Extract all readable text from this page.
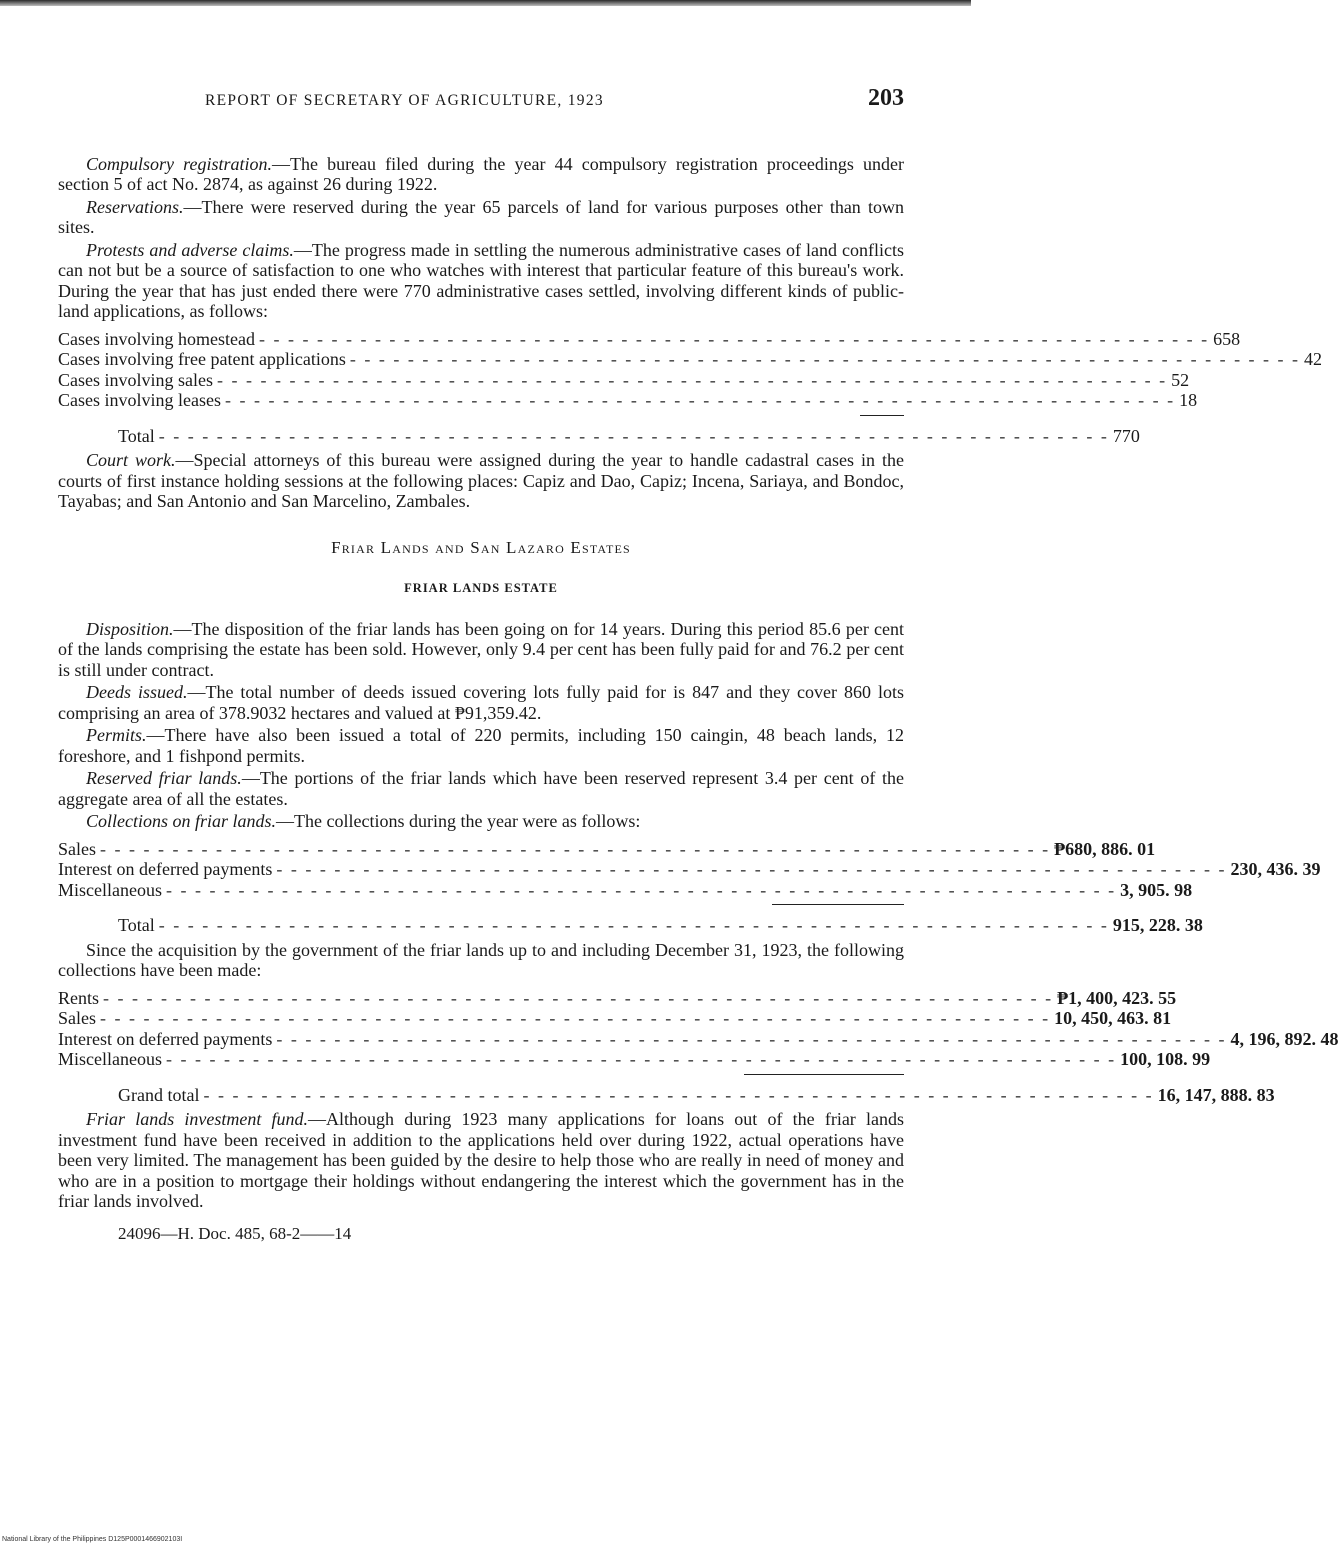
REPORT OF SECRETARY OF AGRICULTURE, 1923	203

Compulsory registration.—The bureau filed during the year 44 compulsory registration proceedings under section 5 of act No. 2874, as against 26 during 1922.

Reservations.—There were reserved during the year 65 parcels of land for various purposes other than town sites.

Protests and adverse claims.—The progress made in settling the numerous administrative cases of land conflicts can not but be a source of satisfaction to one who watches with interest that particular feature of this bureau's work. During the year that has just ended there were 770 administrative cases settled, involving different kinds of public-land applications, as follows:

Cases involving homestead - - - - - - - - - - - - - - - - - - - - - - - - - - - - - - - - - - - - - - - - - - - - - - - - - - - - - - - - - - - - - - - - - - 658
Cases involving free patent applications - - - - - - - - - - - - - - - - - - - - - - - - - - - - - - - - - - - - - - - - - - - - - - - - - - - - - - - - - - - - - - - - - - 42
Cases involving sales - - - - - - - - - - - - - - - - - - - - - - - - - - - - - - - - - - - - - - - - - - - - - - - - - - - - - - - - - - - - - - - - - - 52
Cases involving leases - - - - - - - - - - - - - - - - - - - - - - - - - - - - - - - - - - - - - - - - - - - - - - - - - - - - - - - - - - - - - - - - - - 18
Total - - - - - - - - - - - - - - - - - - - - - - - - - - - - - - - - - - - - - - - - - - - - - - - - - - - - - - - - - - - - - - - - - - 770

Court work.—Special attorneys of this bureau were assigned during the year to handle cadastral cases in the courts of first instance holding sessions at the following places: Capiz and Dao, Capiz; Incena, Sariaya, and Bondoc, Tayabas; and San Antonio and San Marcelino, Zambales.

Friar Lands and San Lazaro Estates
FRIAR LANDS ESTATE

Disposition.—The disposition of the friar lands has been going on for 14 years. During this period 85.6 per cent of the lands comprising the estate has been sold. However, only 9.4 per cent has been fully paid for and 76.2 per cent is still under contract.

Deeds issued.—The total number of deeds issued covering lots fully paid for is 847 and they cover 860 lots comprising an area of 378.9032 hectares and valued at ₱91,359.42.

Permits.—There have also been issued a total of 220 permits, including 150 caingin, 48 beach lands, 12 foreshore, and 1 fishpond permits.

Reserved friar lands.—The portions of the friar lands which have been reserved represent 3.4 per cent of the aggregate area of all the estates.

Collections on friar lands.—The collections during the year were as follows:

Sales - - - - - - - - - - - - - - - - - - - - - - - - - - - - - - - - - - - - - - - - - - - - - - - - - - - - - - - - - - - - - - - - - - ₱680, 886. 01
Interest on deferred payments - - - - - - - - - - - - - - - - - - - - - - - - - - - - - - - - - - - - - - - - - - - - - - - - - - - - - - - - - - - - - - - - - - 230, 436. 39
Miscellaneous - - - - - - - - - - - - - - - - - - - - - - - - - - - - - - - - - - - - - - - - - - - - - - - - - - - - - - - - - - - - - - - - - - 3, 905. 98
Total - - - - - - - - - - - - - - - - - - - - - - - - - - - - - - - - - - - - - - - - - - - - - - - - - - - - - - - - - - - - - - - - - - 915, 228. 38

Since the acquisition by the government of the friar lands up to and including December 31, 1923, the following collections have been made:

Rents - - - - - - - - - - - - - - - - - - - - - - - - - - - - - - - - - - - - - - - - - - - - - - - - - - - - - - - - - - - - - - - - - - ₱1, 400, 423. 55
Sales - - - - - - - - - - - - - - - - - - - - - - - - - - - - - - - - - - - - - - - - - - - - - - - - - - - - - - - - - - - - - - - - - - 10, 450, 463. 81
Interest on deferred payments - - - - - - - - - - - - - - - - - - - - - - - - - - - - - - - - - - - - - - - - - - - - - - - - - - - - - - - - - - - - - - - - - - 4, 196, 892. 48
Miscellaneous - - - - - - - - - - - - - - - - - - - - - - - - - - - - - - - - - - - - - - - - - - - - - - - - - - - - - - - - - - - - - - - - - - 100, 108. 99
Grand total - - - - - - - - - - - - - - - - - - - - - - - - - - - - - - - - - - - - - - - - - - - - - - - - - - - - - - - - - - - - - - - - - - 16, 147, 888. 83

Friar lands investment fund.—Although during 1923 many applications for loans out of the friar lands investment fund have been received in addition to the applications held over during 1922, actual operations have been very limited. The management has been guided by the desire to help those who are really in need of money and who are in a position to mortgage their holdings without endangering the interest which the government has in the friar lands involved.

24096—H. Doc. 485, 68-2——14
National Library of the Philippines D125P0001466902103I
